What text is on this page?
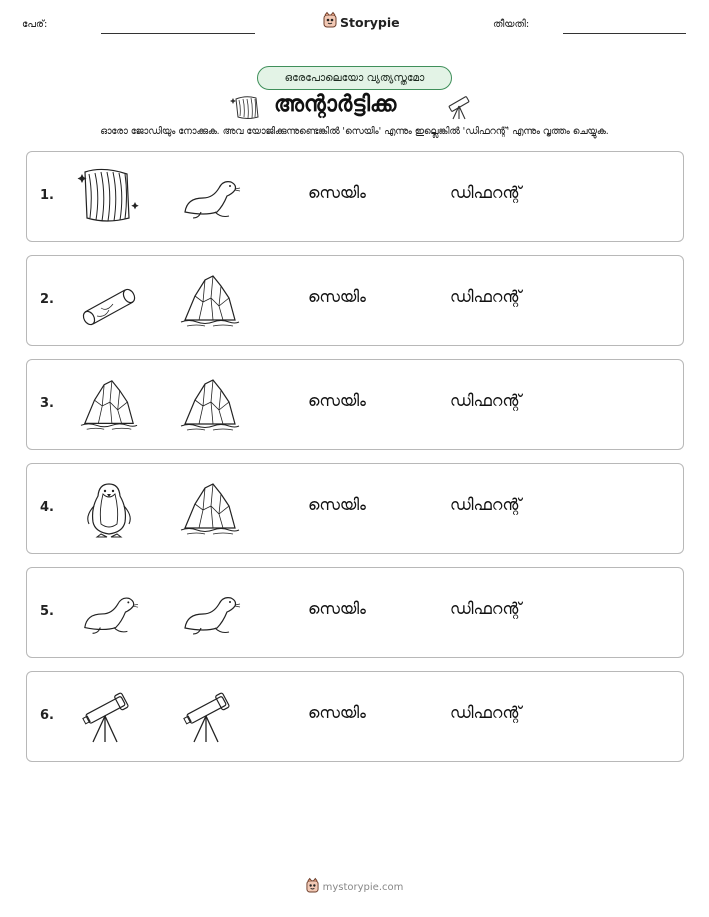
പേര്:	Storypie	തീയതി:
ഒരേപോലെയോ വ്യത്യസ്തമോ
അന്റാർട്ടിക്ക
ഓരോ ജോഡിയും നോക്കുക. അവ യോജിക്കുന്നുണ്ടെങ്കിൽ 'സെയിം' എന്നും ഇല്ലെങ്കിൽ 'ഡിഫറന്റ്' എന്നും വൃത്തം ചെയ്യുക.
1.	സെയിം	ഡിഫറന്റ്
2.	സെയിം	ഡിഫറന്റ്
3.	സെയിം	ഡിഫറന്റ്
4.	സെയിം	ഡിഫറന്റ്
5.	സെയിം	ഡിഫറന്റ്
6.	സെയിം	ഡിഫറന്റ്
mystorypie.com
